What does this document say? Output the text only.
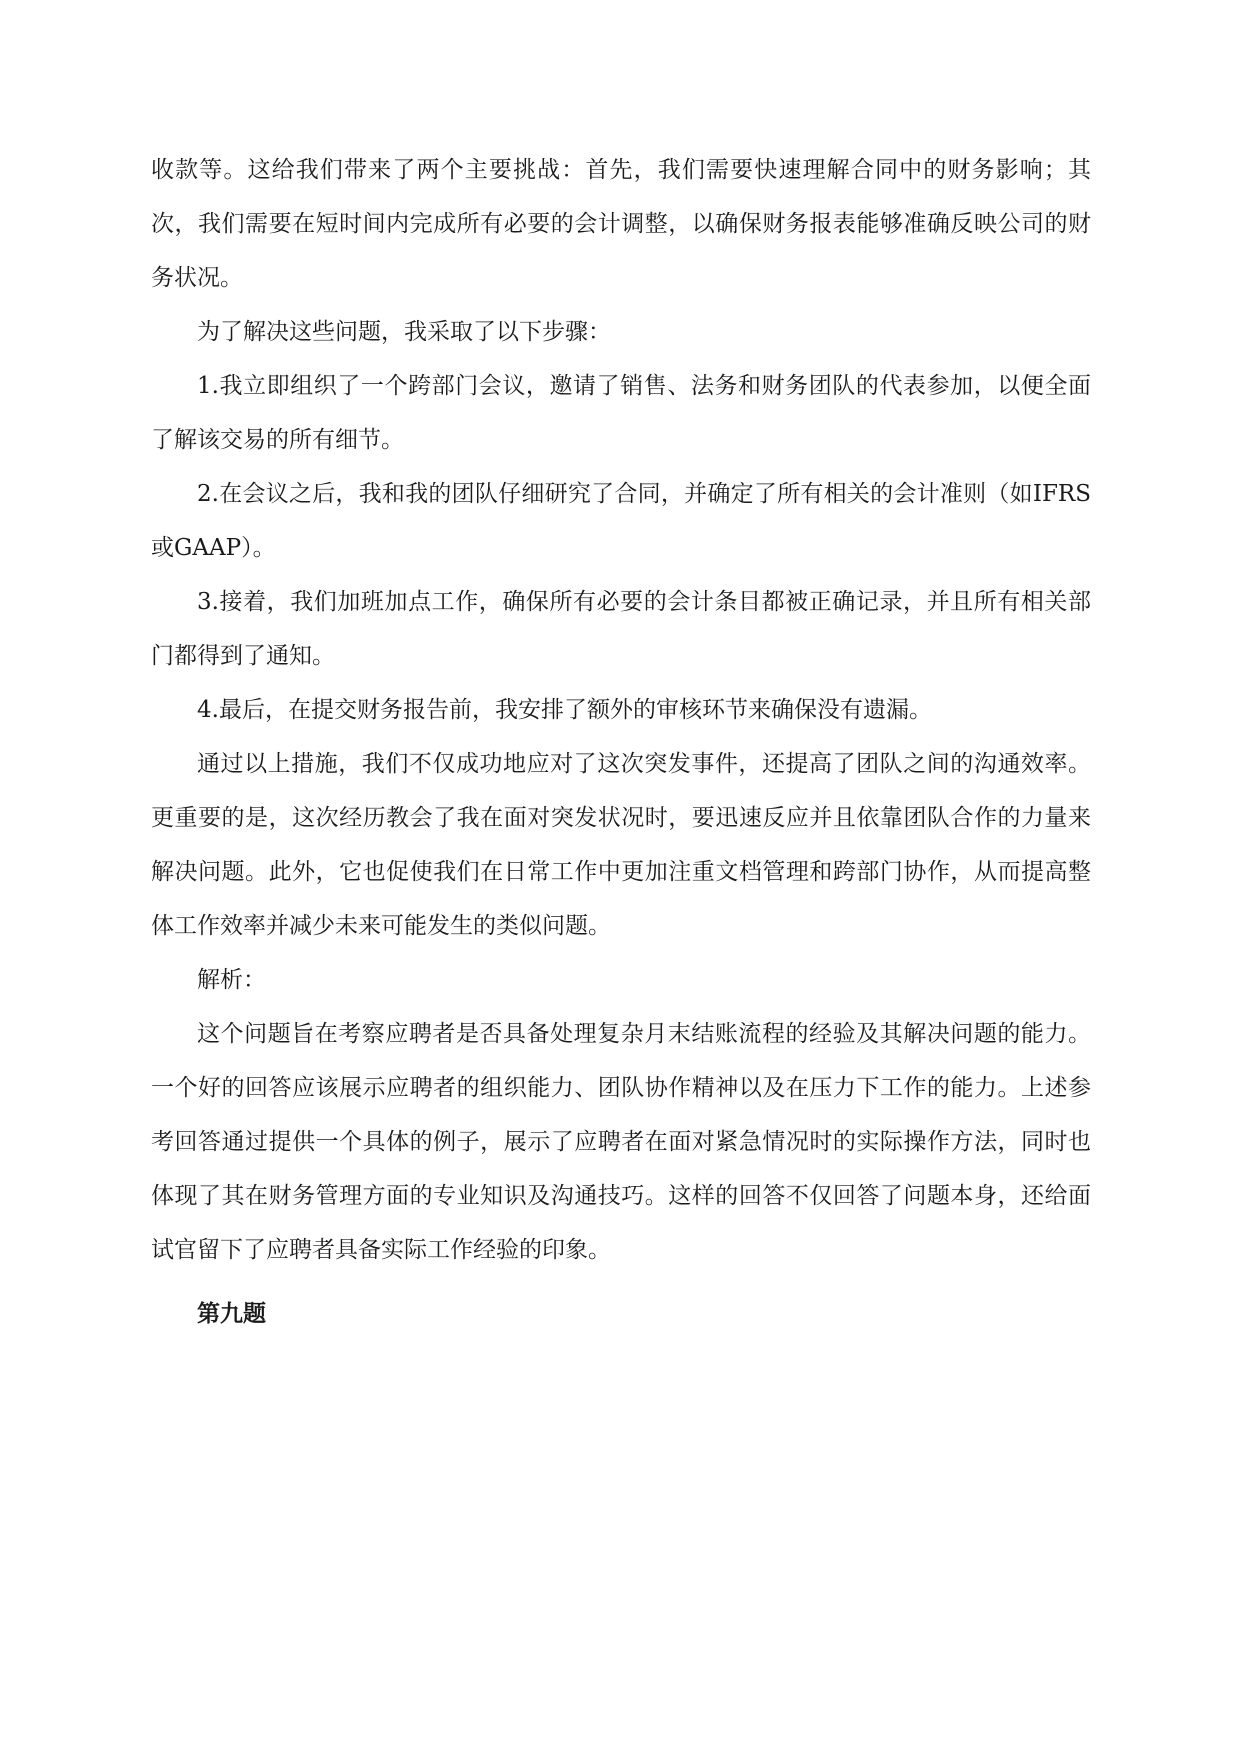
收款等。这给我们带来了两个主要挑战：首先，我们需要快速理解合同中的财务影响；其次，我们需要在短时间内完成所有必要的会计调整，以确保财务报表能够准确反映公司的财务状况。

为了解决这些问题，我采取了以下步骤：

1.我立即组织了一个跨部门会议，邀请了销售、法务和财务团队的代表参加，以便全面了解该交易的所有细节。

2.在会议之后，我和我的团队仔细研究了合同，并确定了所有相关的会计准则（如IFRS或GAAP）。

3.接着，我们加班加点工作，确保所有必要的会计条目都被正确记录，并且所有相关部门都得到了通知。

4.最后，在提交财务报告前，我安排了额外的审核环节来确保没有遗漏。

通过以上措施，我们不仅成功地应对了这次突发事件，还提高了团队之间的沟通效率。更重要的是，这次经历教会了我在面对突发状况时，要迅速反应并且依靠团队合作的力量来解决问题。此外，它也促使我们在日常工作中更加注重文档管理和跨部门协作，从而提高整体工作效率并减少未来可能发生的类似问题。

解析：

这个问题旨在考察应聘者是否具备处理复杂月末结账流程的经验及其解决问题的能力。一个好的回答应该展示应聘者的组织能力、团队协作精神以及在压力下工作的能力。上述参考回答通过提供一个具体的例子，展示了应聘者在面对紧急情况时的实际操作方法，同时也体现了其在财务管理方面的专业知识及沟通技巧。这样的回答不仅回答了问题本身，还给面试官留下了应聘者具备实际工作经验的印象。

第九题
